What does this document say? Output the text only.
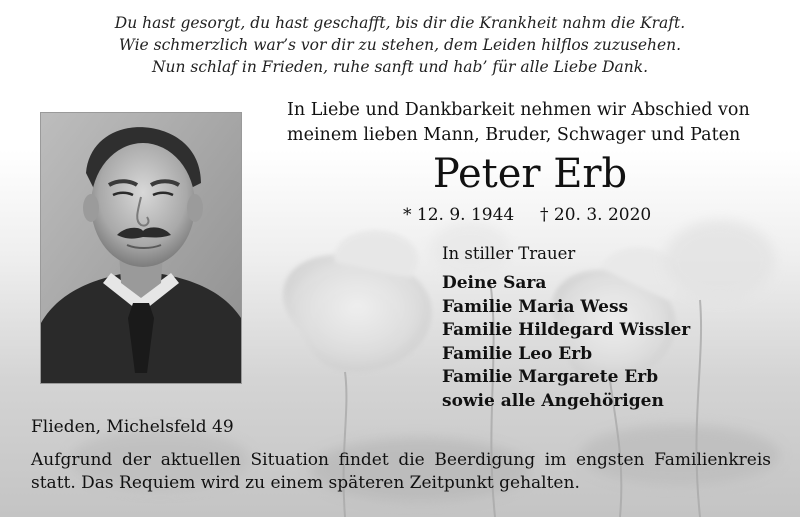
Du hast gesorgt, du hast geschafft, bis dir die Krankheit nahm die Kraft.
Wie schmerzlich war’s vor dir zu stehen, dem Leiden hilflos zuzusehen.
Nun schlaf in Frieden, ruhe sanft und hab’ für alle Liebe Dank.
In Liebe und Dankbarkeit nehmen wir Abschied von
meinem lieben Mann, Bruder, Schwager und Paten
Peter Erb
* 12. 9. 1944 † 20. 3. 2020
In stiller Trauer
Deine Sara
Familie Maria Wess
Familie Hildegard Wissler
Familie Leo Erb
Familie Margarete Erb
sowie alle Angehörigen
Flieden, Michelsfeld 49
Aufgrund der aktuellen Situation findet die Beerdigung im engsten Familienkreis
statt. Das Requiem wird zu einem späteren Zeitpunkt gehalten.
